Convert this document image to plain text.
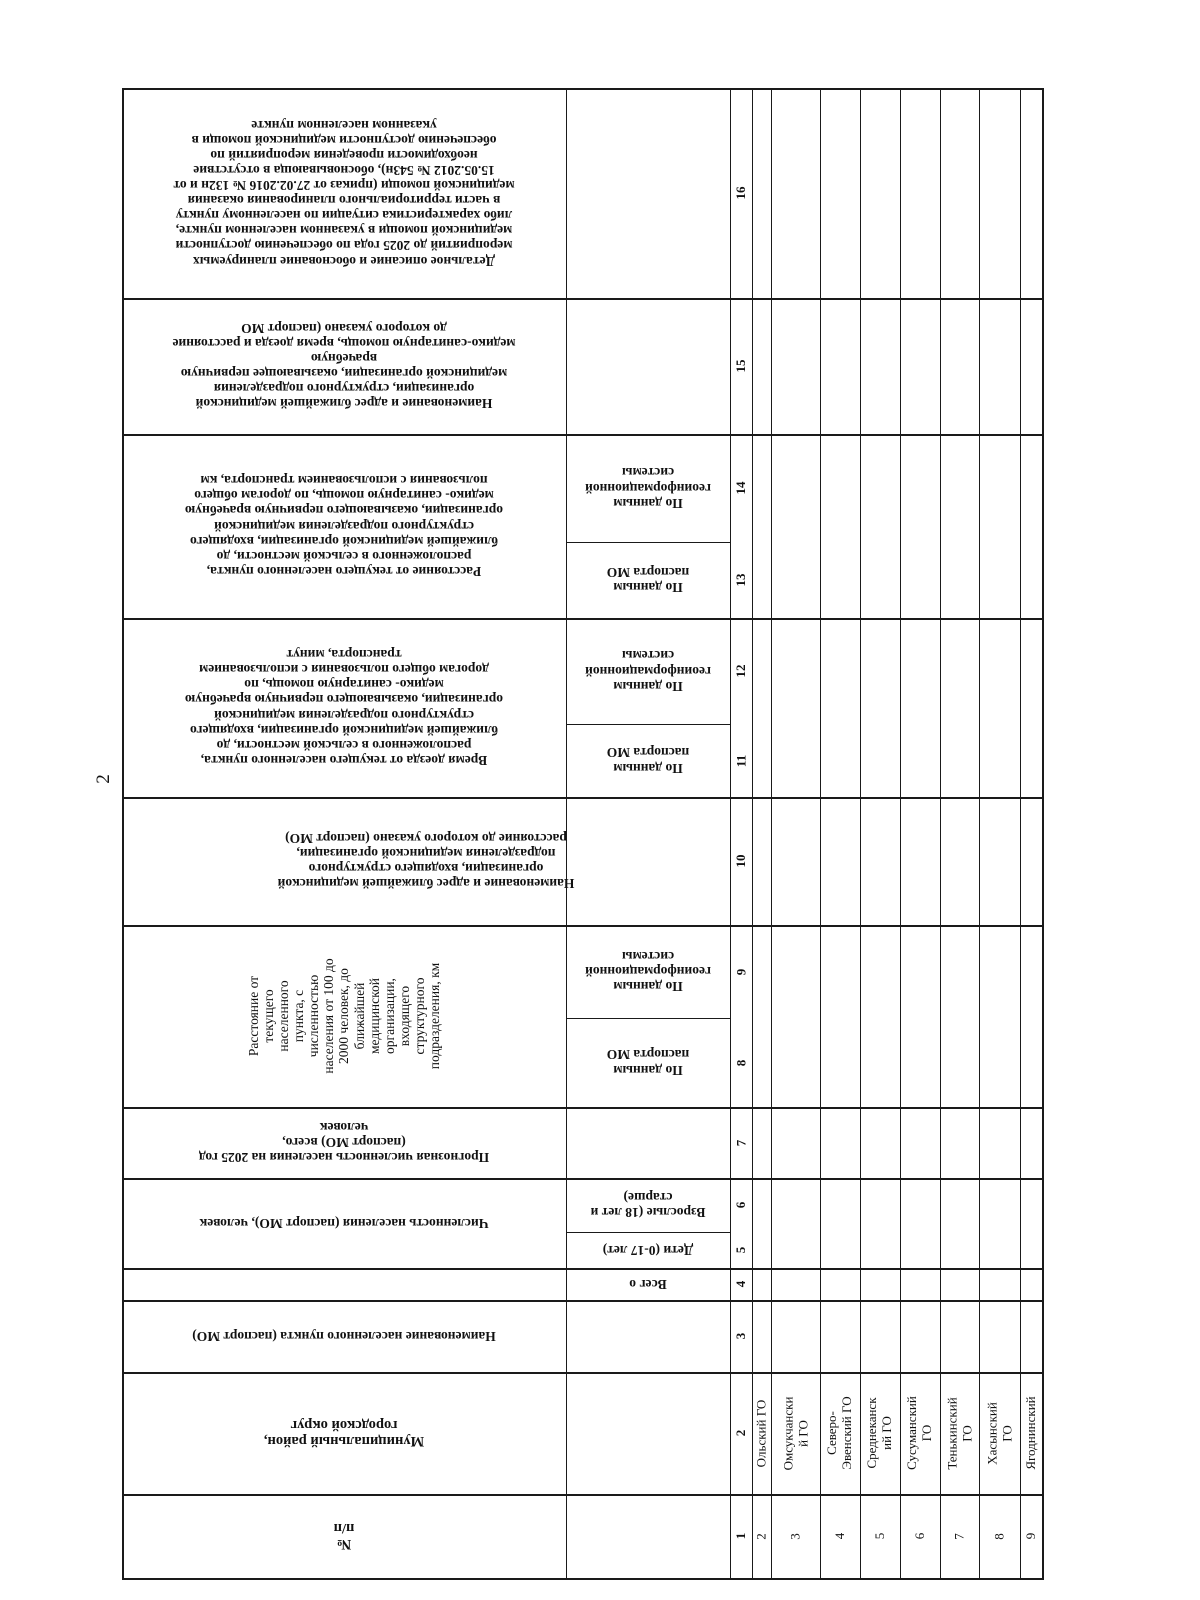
2
Детальное описание и обоснование планируемых
мероприятий до 2025 года по обеспечению доступности
медицинской помощи в указанном населенном пункте,
либо характеристика ситуации по населенному пункту
в части территориального планирования оказания
медицинской помощи (приказ от 27.02.2016 № 132н и от
15.05.2012 № 543н), обосновывающа в отсутствие
необходимости проведения мероприятий по
обеспечению доступности медицинской помощи в
указанном населенном пункте
Наименование и адрес ближайшей медицинской
организации, структурного подразделения
медицинской организации, оказывающее первичную
врачебную
медико-санитарную помощь, время доезда и расстояние
до которого указано (паспорт МО
Расстояние от текущего населенного пункта,
расположенного в сельской местности, до
ближайшей медицинской организации, входящего
структурного подразделения медицинской
организации, оказывающего первичную врачебную
медико- санитарную помощь, по дорогам общего
пользования с использованием транспорта, км
По данным
геоинформационной
системы
По данным
паспорта МО
Время доезда от текущего населенного пункта,
расположенного в сельской местности, до
ближайшей медицинской организации, входящего
структурного подразделения медицинской
организации, оказывающего первичную врачебную
медико- санитарную помощь, по
дорогам общего пользования с использованием
транспорта, минут
По данным
геоинформационной
системы
По данным
паспорта МО
Наименование и адрес ближайшей медицинской
организации, входящего структурного
подразделения медицинской организации,
расстояние до которого указано (паспорт МО)
По данным
геоинформационной
системы
По данным
паспорта МО
Прогнозная численность населения на 2025 год
(паспорт МО) всего,
человек
Численность населения (паспорт МО), человек
Взрослые (18 лет и
старше)
Дети (0-17 лет)
Всег о
Наименование населенного пункта (паспорт МО)
Муниципальный район,
городской округ
№
п/п
Расстояние от
текущего
населенного
пункта, с
численностью
населения от 100 до
2000 человек, до
ближайшей
медицинской
организации,
входящего
структурного
подразделения, км
1
2
3
4
5
6
7
8
9
10
11
12
13
14
15
16
2
Ольский ГО
3
Омсукчански
й ГО
4
Северо-
Эвенский ГО
5
Среднеканск
ий ГО
6
Сусуманский
ГО
7
Тенькинский
ГО
8
Хасынский
ГО
9
Ягоднинский
